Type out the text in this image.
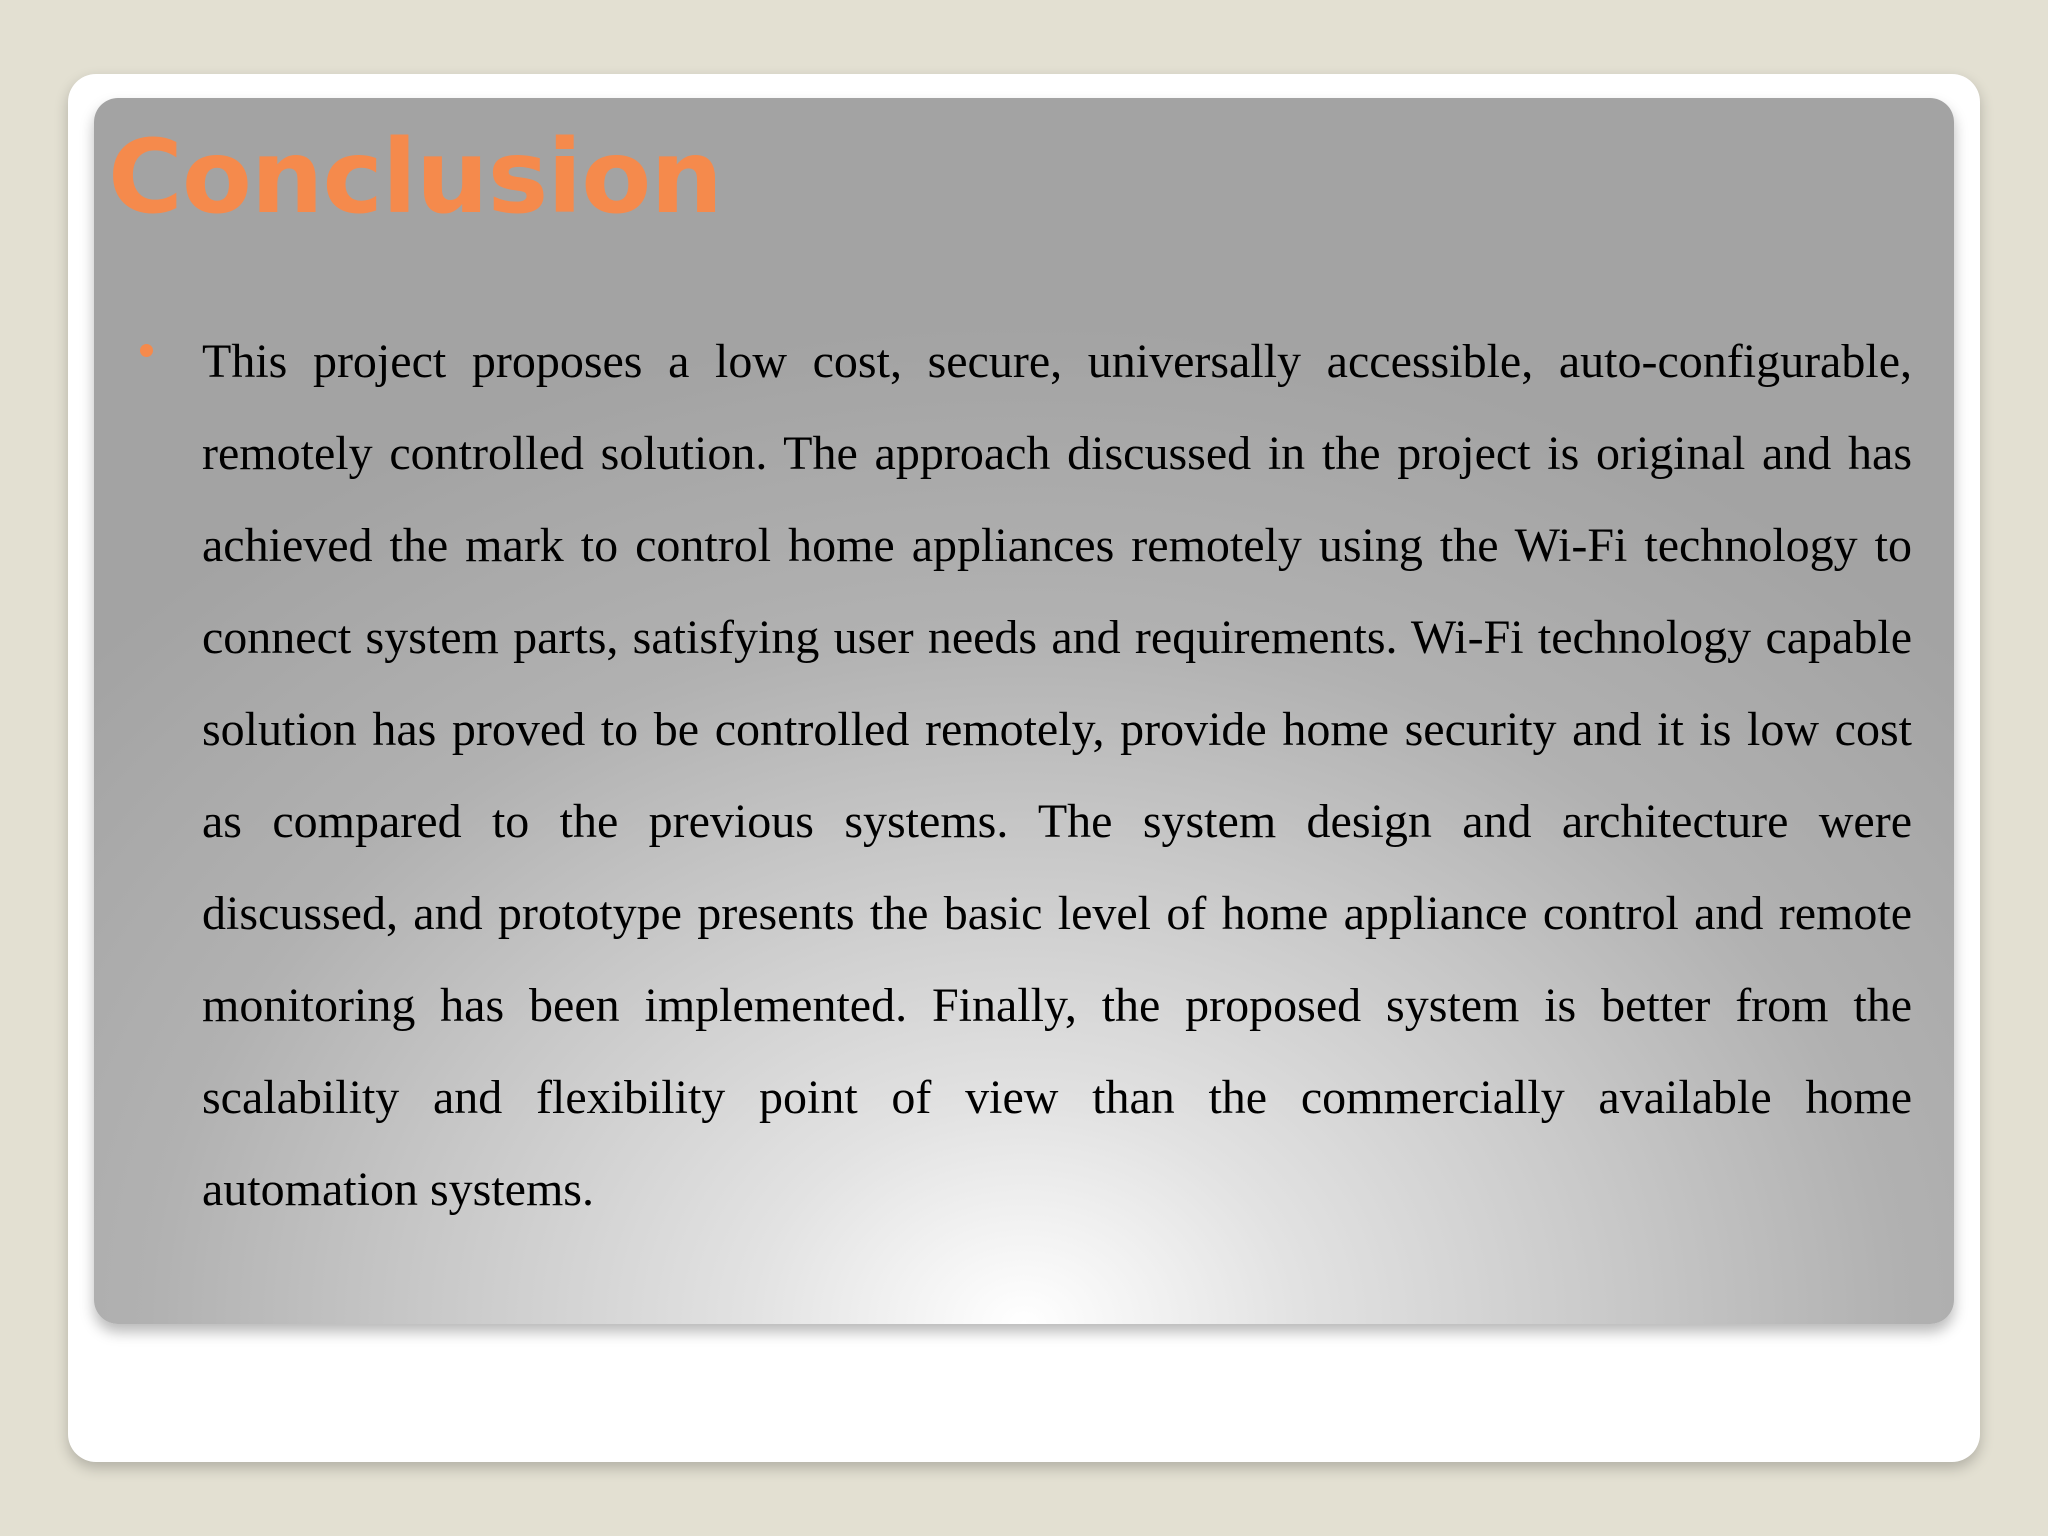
Conclusion

This project proposes a low cost, secure, universally accessible, auto-configurable, remotely controlled solution. The approach discussed in the project is original and has achieved the mark to control home appliances remotely using the Wi-Fi technology to connect system parts, satisfying user needs and requirements. Wi-Fi technology capable solution has proved to be controlled remotely, provide home security and it is low cost as compared to the previous systems. The system design and architecture were discussed, and prototype presents the basic level of home appliance control and remote monitoring has been implemented. Finally, the proposed system is better from the scalability and flexibility point of view than the commercially available home automation systems.
